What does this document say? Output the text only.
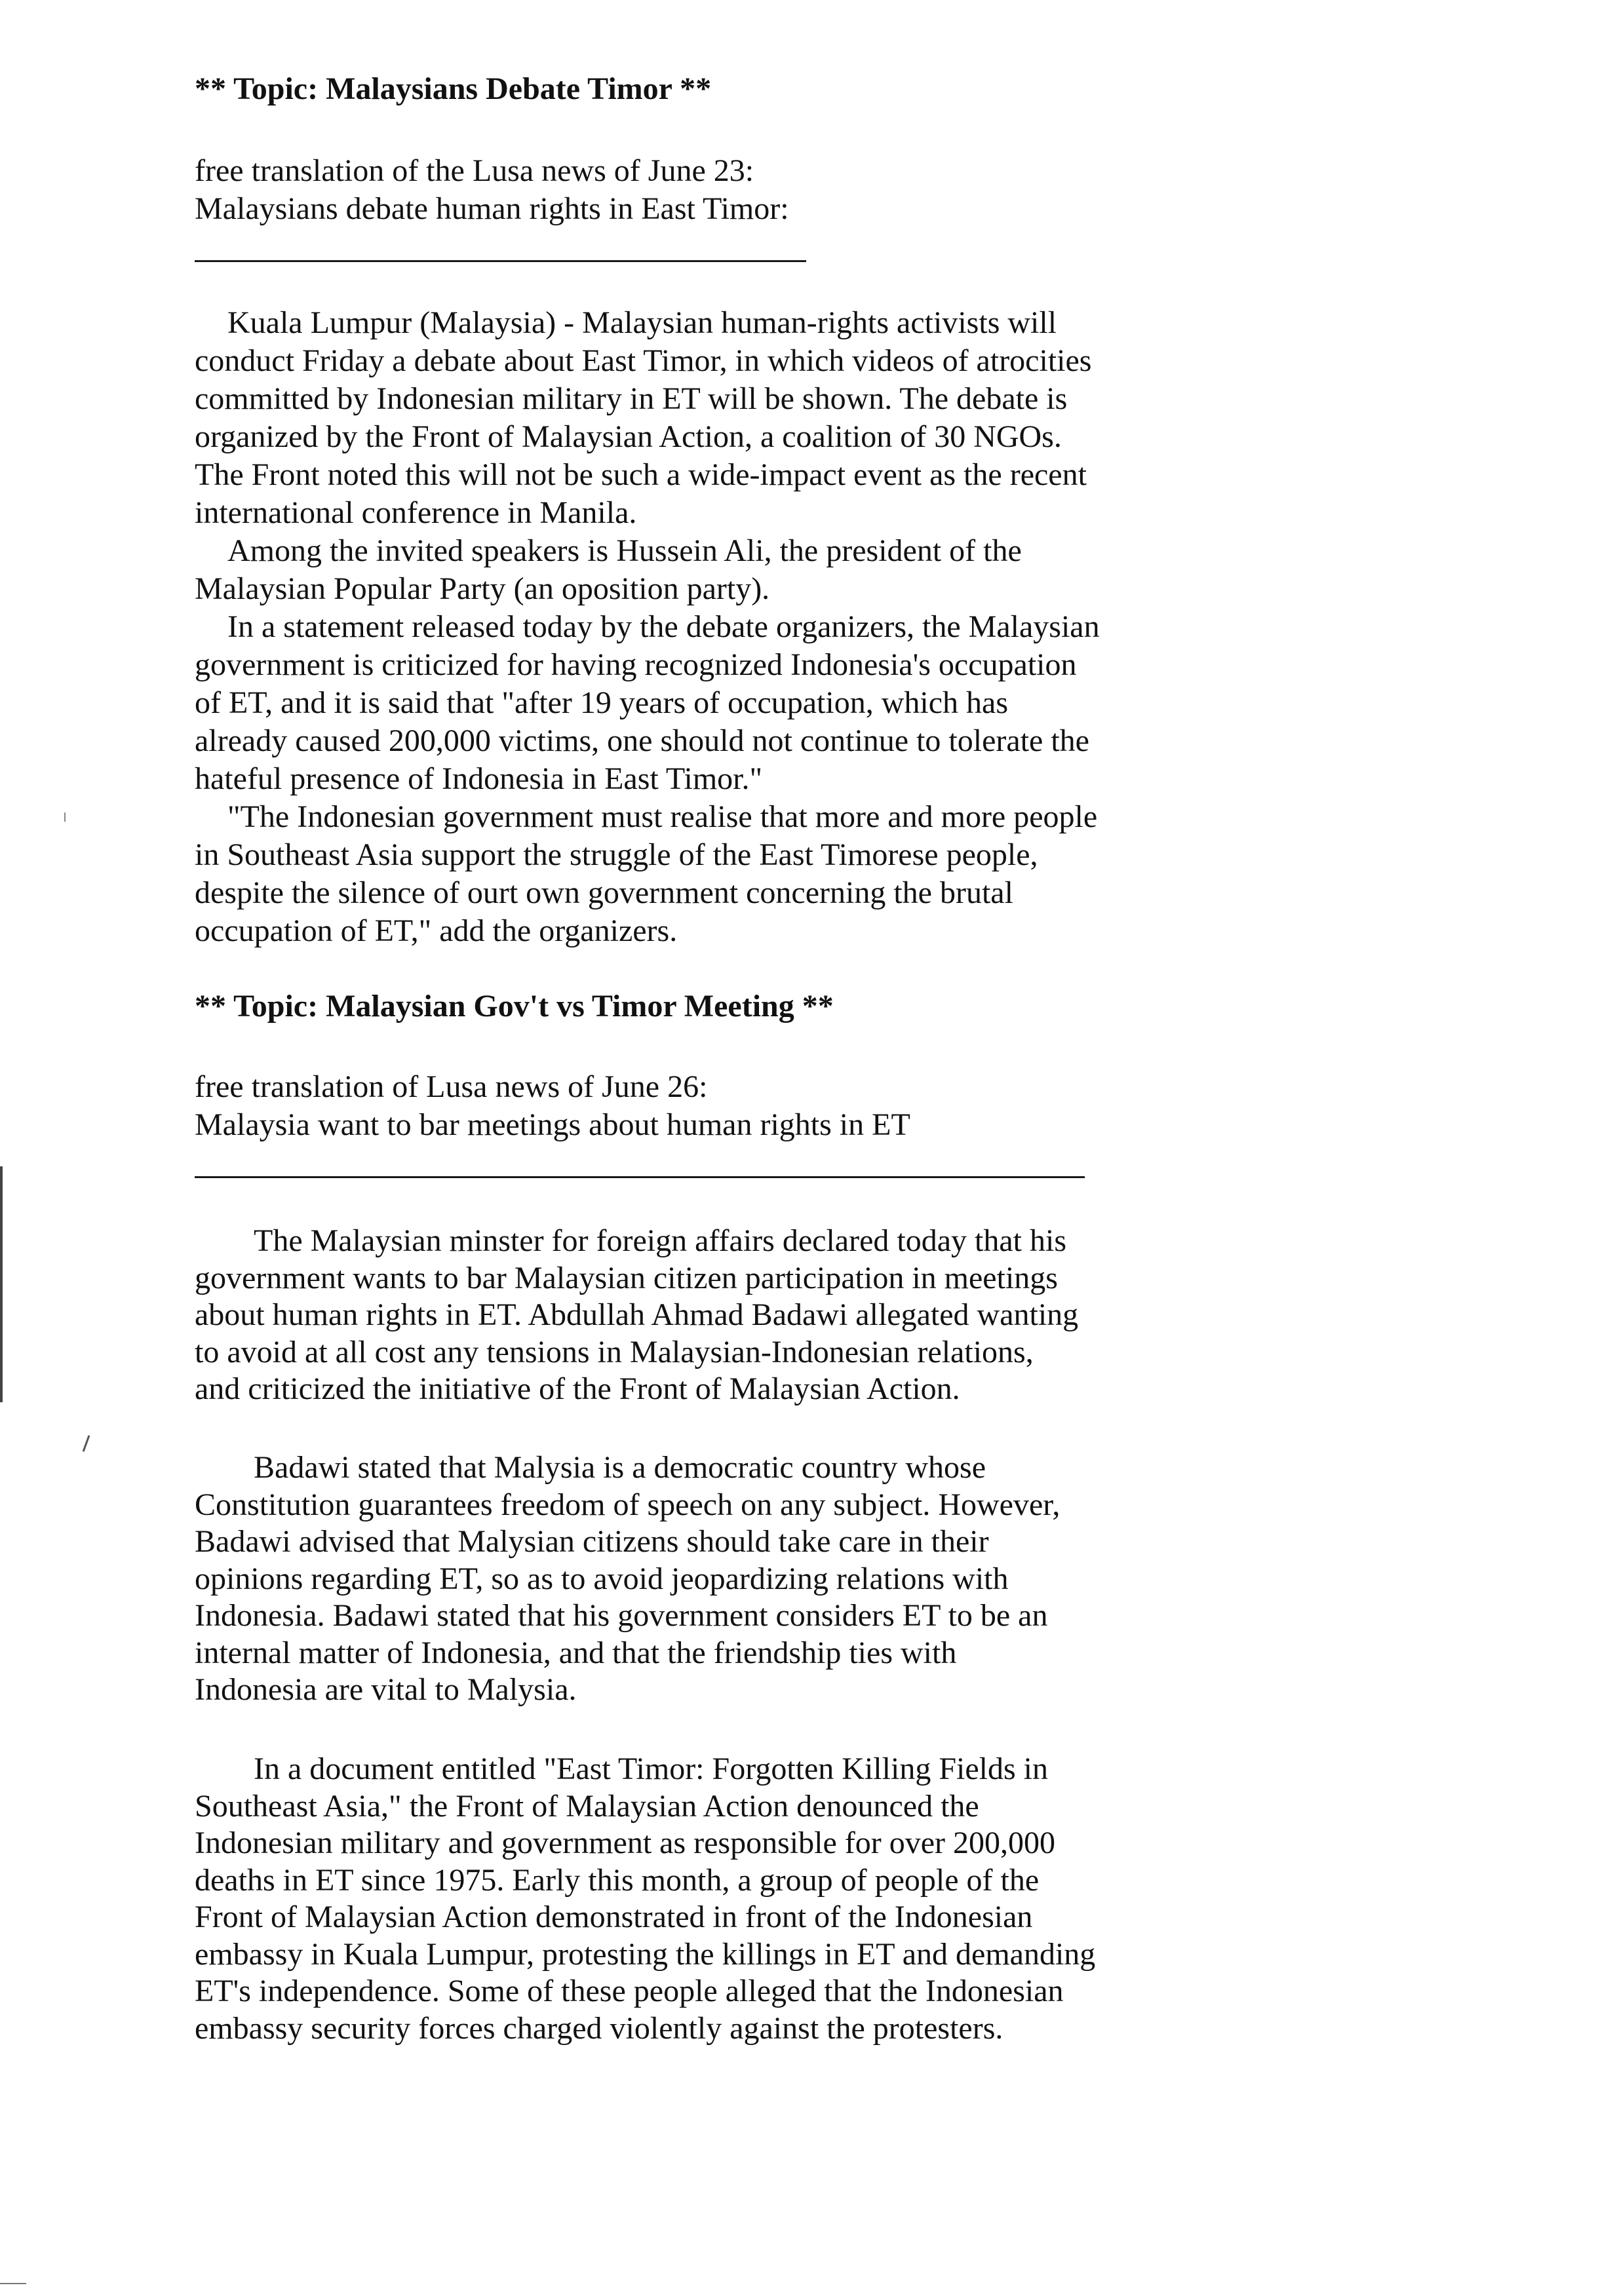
** Topic: Malaysians Debate Timor **
free translation of the Lusa news of June 23:
Malaysians debate human rights in East Timor:

Kuala Lumpur (Malaysia) - Malaysian human-rights activists will
conduct Friday a debate about East Timor, in which videos of atrocities
committed by Indonesian military in ET will be shown. The debate is
organized by the Front of Malaysian Action, a coalition of 30 NGOs.
The Front noted this will not be such a wide-impact event as the recent
international conference in Manila.

Among the invited speakers is Hussein Ali, the president of the
Malaysian Popular Party (an oposition party).

In a statement released today by the debate organizers, the Malaysian
government is criticized for having recognized Indonesia's occupation
of ET, and it is said that "after 19 years of occupation, which has
already caused 200,000 victims, one should not continue to tolerate the
hateful presence of Indonesia in East Timor."

"The Indonesian government must realise that more and more people
in Southeast Asia support the struggle of the East Timorese people,
despite the silence of ourt own government concerning the brutal
occupation of ET," add the organizers.

** Topic: Malaysian Gov't vs Timor Meeting **
free translation of Lusa news of June 26:
Malaysia want to bar meetings about human rights in ET

The Malaysian minster for foreign affairs declared today that his
government wants to bar Malaysian citizen participation in meetings
about human rights in ET. Abdullah Ahmad Badawi allegated wanting
to avoid at all cost any tensions in Malaysian-Indonesian relations,
and criticized the initiative of the Front of Malaysian Action.

Badawi stated that Malysia is a democratic country whose
Constitution guarantees freedom of speech on any subject. However,
Badawi advised that Malysian citizens should take care in their
opinions regarding ET, so as to avoid jeopardizing relations with
Indonesia. Badawi stated that his government considers ET to be an
internal matter of Indonesia, and that the friendship ties with
Indonesia are vital to Malysia.

In a document entitled "East Timor: Forgotten Killing Fields in
Southeast Asia," the Front of Malaysian Action denounced the
Indonesian military and government as responsible for over 200,000
deaths in ET since 1975. Early this month, a group of people of the
Front of Malaysian Action demonstrated in front of the Indonesian
embassy in Kuala Lumpur, protesting the killings in ET and demanding
ET's independence. Some of these people alleged that the Indonesian
embassy security forces charged violently against the protesters.
